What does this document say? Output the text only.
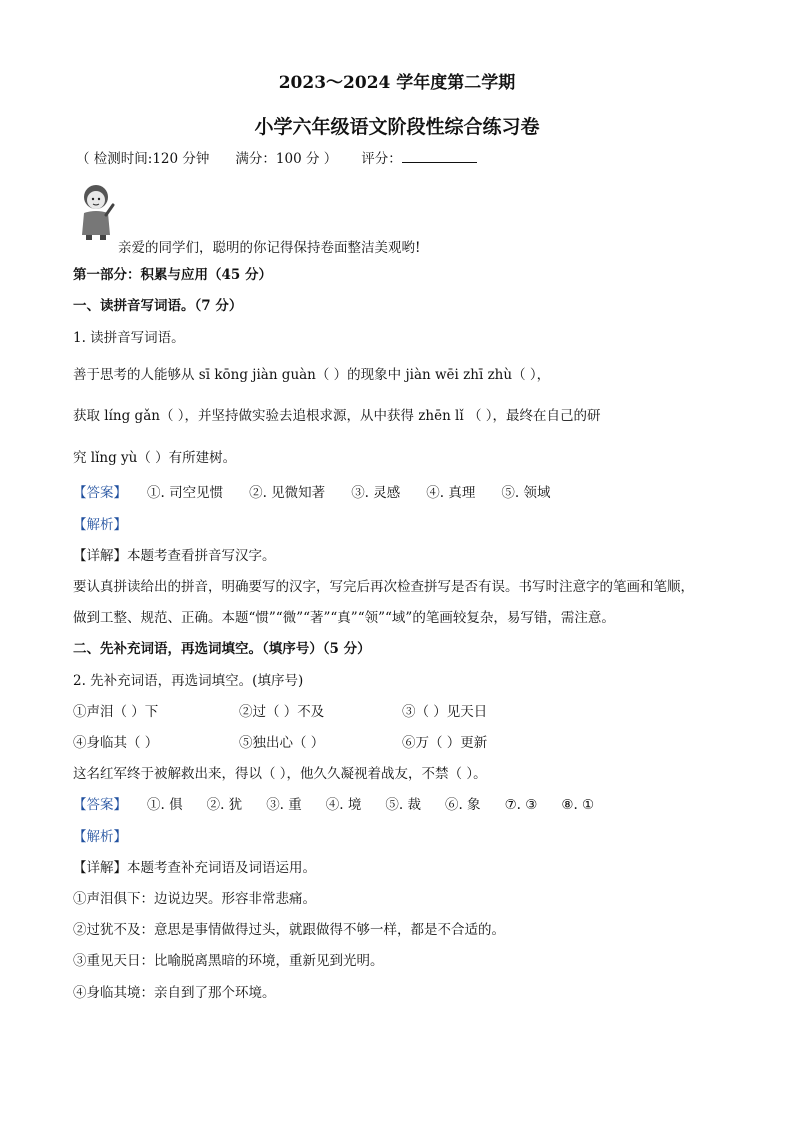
2023～2024 学年度第二学期
小学六年级语文阶段性综合练习卷
（ 检测时间:120 分钟 满分：100 分 ） 评分：
亲爱的同学们，聪明的你记得保持卷面整洁美观哟!
第一部分：积累与应用（45 分）
一、读拼音写词语。（7 分）
1. 读拼音写词语。
善于思考的人能够从 sī kōng jiàn guàn（ ）的现象中 jiàn wēi zhī zhù（ ），
获取 líng gǎn（ ），并坚持做实验去追根求源，从中获得 zhēn lǐ （ ），最终在自己的研
究 lǐng yù（ ）有所建树。
【答案】 ①. 司空见惯 ②. 见微知著 ③. 灵感 ④. 真理 ⑤. 领域
【解析】
【详解】本题考查看拼音写汉字。
要认真拼读给出的拼音，明确要写的汉字，写完后再次检查拼写是否有误。书写时注意字的笔画和笔顺，
做到工整、规范、正确。本题“惯”“微”“著”“真”“领”“域”的笔画较复杂，易写错，需注意。
二、先补充词语，再选词填空。（填序号）（5 分）
2. 先补充词语，再选词填空。(填序号)
①声泪（ ）下	②过（ ）不及	③（ ）见天日
④身临其（ ）	⑤独出心（ ）	⑥万（ ）更新
这名红军终于被解救出来，得以（ ），他久久凝视着战友，不禁（ ）。
【答案】 ①. 俱 ②. 犹 ③. 重 ④. 境 ⑤. 裁 ⑥. 象 ⑦. ③ ⑧. ①
【解析】
【详解】本题考查补充词语及词语运用。
①声泪俱下：边说边哭。形容非常悲痛。
②过犹不及：意思是事情做得过头，就跟做得不够一样，都是不合适的。
③重见天日：比喻脱离黑暗的环境，重新见到光明。
④身临其境：亲自到了那个环境。
